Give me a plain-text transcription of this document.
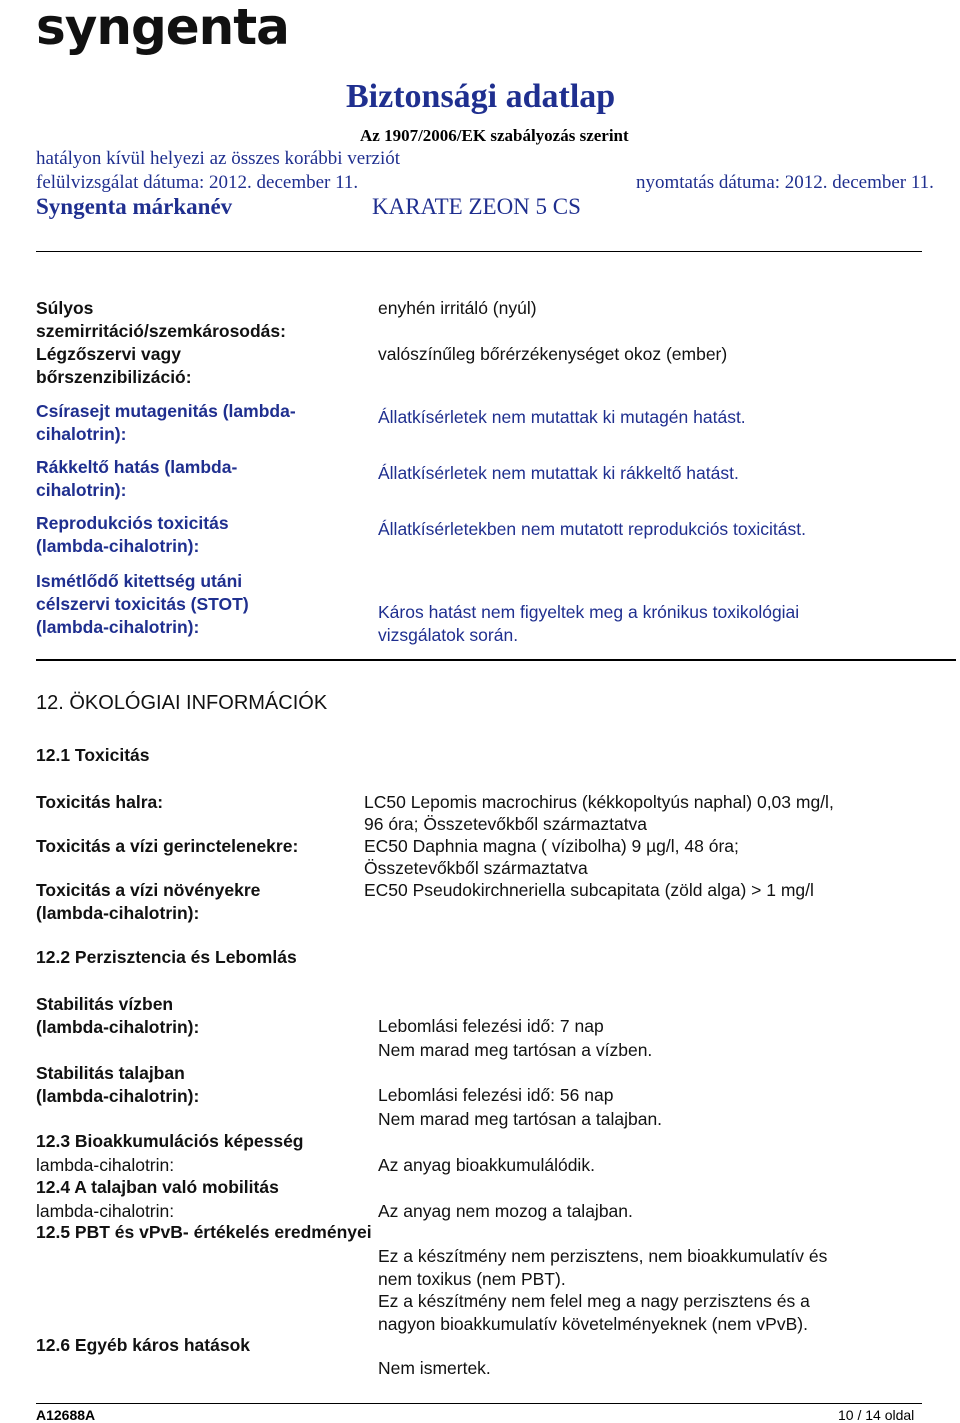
syngenta
Biztonsági adatlap
Az 1907/2006/EK szabályozás szerint
hatályon kívül helyezi az összes korábbi verziót
felülvizsgálat dátuma: 2012. december 11.	nyomtatás dátuma: 2012. december 11.
Syngenta márkanév	KARATE ZEON 5 CS
Súlyos
szemirritáció/szemkárosodás:
enyhén irritáló (nyúl)
Légzőszervi vagy
bőrszenzibilizáció:
valószínűleg bőrérzékenységet okoz (ember)
Csírasejt mutagenitás (lambda-
cihalotrin):
Állatkísérletek nem mutattak ki mutagén hatást.
Rákkeltő hatás (lambda-
cihalotrin):
Állatkísérletek nem mutattak ki rákkeltő hatást.
Reprodukciós toxicitás
(lambda-cihalotrin):
Állatkísérletekben nem mutatott reprodukciós toxicitást.
Ismétlődő kitettség utáni
célszervi toxicitás (STOT)
(lambda-cihalotrin):
Káros hatást nem figyeltek meg a krónikus toxikológiai
vizsgálatok során.
12. ÖKOLÓGIAI INFORMÁCIÓK
12.1 Toxicitás
Toxicitás halra:	LC50 Lepomis macrochirus (kékkopoltyús naphal) 0,03 mg/l,
96 óra; Összetevőkből származtatva
Toxicitás a vízi gerinctelenekre:	EC50 Daphnia magna ( vízibolha) 9 µg/l, 48 óra;
Összetevőkből származtatva
Toxicitás a vízi növényekre
(lambda-cihalotrin):
EC50 Pseudokirchneriella subcapitata (zöld alga) > 1 mg/l
12.2 Perzisztencia és Lebomlás
Stabilitás vízben
(lambda-cihalotrin):	Lebomlási felezési idő: 7 nap
Nem marad meg tartósan a vízben.
Stabilitás talajban
(lambda-cihalotrin):	Lebomlási felezési idő: 56 nap
Nem marad meg tartósan a talajban.
12.3 Bioakkumulációs képesség
lambda-cihalotrin:	Az anyag bioakkumulálódik.
12.4 A talajban való mobilitás
lambda-cihalotrin:	Az anyag nem mozog a talajban.
12.5 PBT és vPvB- értékelés eredményei
Ez a készítmény nem perzisztens, nem bioakkumulatív és
nem toxikus (nem PBT).
Ez a készítmény nem felel meg a nagy perzisztens és a
nagyon bioakkumulatív követelményeknek (nem vPvB).
12.6 Egyéb káros hatások
Nem ismertek.
A12688A	10 / 14 oldal
